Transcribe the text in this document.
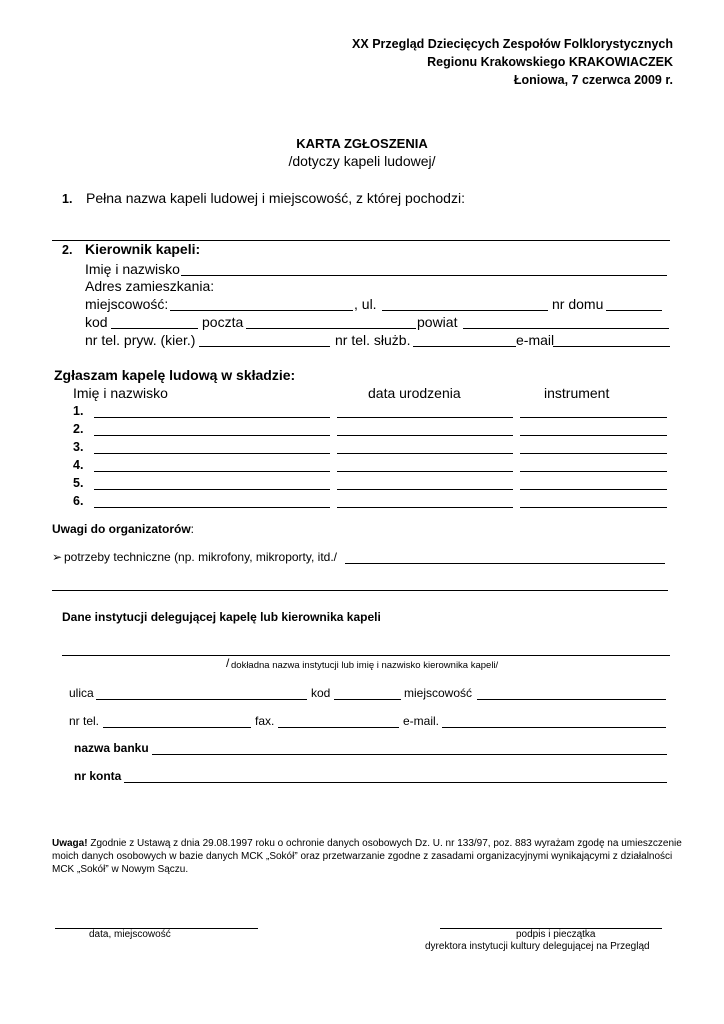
XX Przegląd Dziecięcych Zespołów Folklorystycznych
Regionu Krakowskiego KRAKOWIACZEK
Łoniowa, 7 czerwca 2009 r.
KARTA ZGŁOSZENIA
/dotyczy kapeli ludowej/
1. Pełna nazwa kapeli ludowej i miejscowość, z której pochodzi:
2. Kierownik kapeli:
Imię i nazwisko
Adres zamieszkania:
miejscowość:	, ul.	nr domu
kod	poczta	powiat
nr tel. pryw. (kier.)	nr tel. służb.	e-mail
Zgłaszam kapelę ludową w składzie:
Imię i nazwisko	data urodzenia	instrument
1.
2.
3.
4.
5.
6.
Uwagi do organizatorów:
➢ potrzeby techniczne (np. mikrofony, mikroporty, itd./
Dane instytucji delegującej kapelę lub kierownika kapeli
/ dokładna nazwa instytucji lub imię i nazwisko kierownika kapeli/
ulica	kod	miejscowość
nr tel.	fax.	e-mail.
nazwa banku
nr konta
Uwaga! Zgodnie z Ustawą z dnia 29.08.1997 roku o ochronie danych osobowych Dz. U. nr 133/97, poz. 883 wyrażam zgodę na umieszczenie
moich danych osobowych w bazie danych MCK „Sokół” oraz przetwarzanie zgodne z zasadami organizacyjnymi wynikającymi z działalności
MCK „Sokół” w Nowym Sączu.
data, miejscowość	podpis i pieczątka
dyrektora instytucji kultury delegującej na Przegląd
